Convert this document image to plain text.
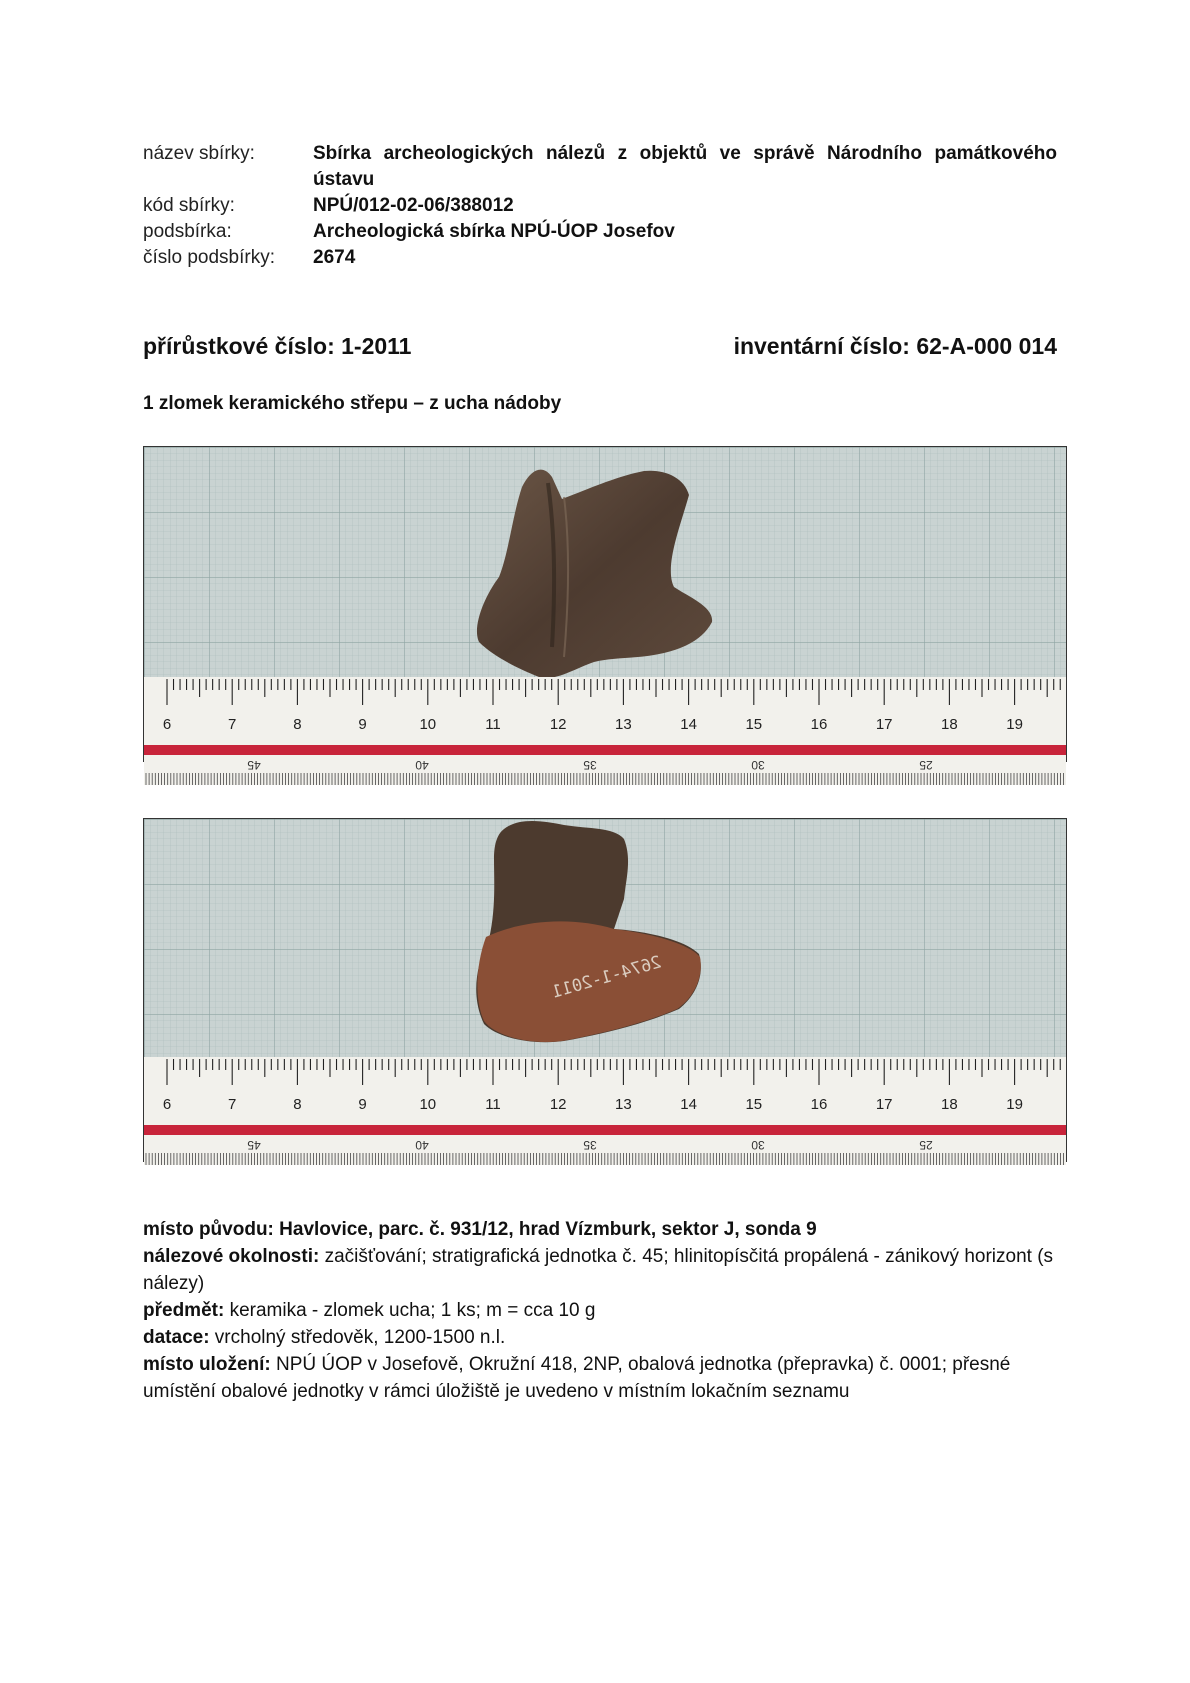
název sbírky:	Sbírka archeologických nálezů z objektů ve správě Národního památkového ústavu
kód sbírky:	NPÚ/012-02-06/388012
podsbírka:	Archeologická sbírka NPÚ-ÚOP Josefov
číslo podsbírky:	2674
přírůstkové číslo: 1-2011	inventární číslo: 62-A-000 014
1 zlomek keramického střepu – z ucha nádoby
6	7	8	9	10	11	12	13	14	15	16	17	18	19
45	40	35	30	25
2674-1-2011
6	7	8	9	10	11	12	13	14	15	16	17	18	19
45	40	35	30	25

místo původu: Havlovice, parc. č. 931/12, hrad Vízmburk, sektor J, sonda 9

nálezové okolnosti: začišťování; stratigrafická jednotka č. 45; hlinitopísčitá propálená - zánikový horizont (s nálezy)

předmět: keramika - zlomek ucha; 1 ks; m = cca 10 g

datace: vrcholný středověk, 1200-1500 n.l.

místo uložení: NPÚ ÚOP v Josefově, Okružní 418, 2NP, obalová jednotka (přepravka) č. 0001; přesné umístění obalové jednotky v rámci úložiště je uvedeno v místním lokačním seznamu
